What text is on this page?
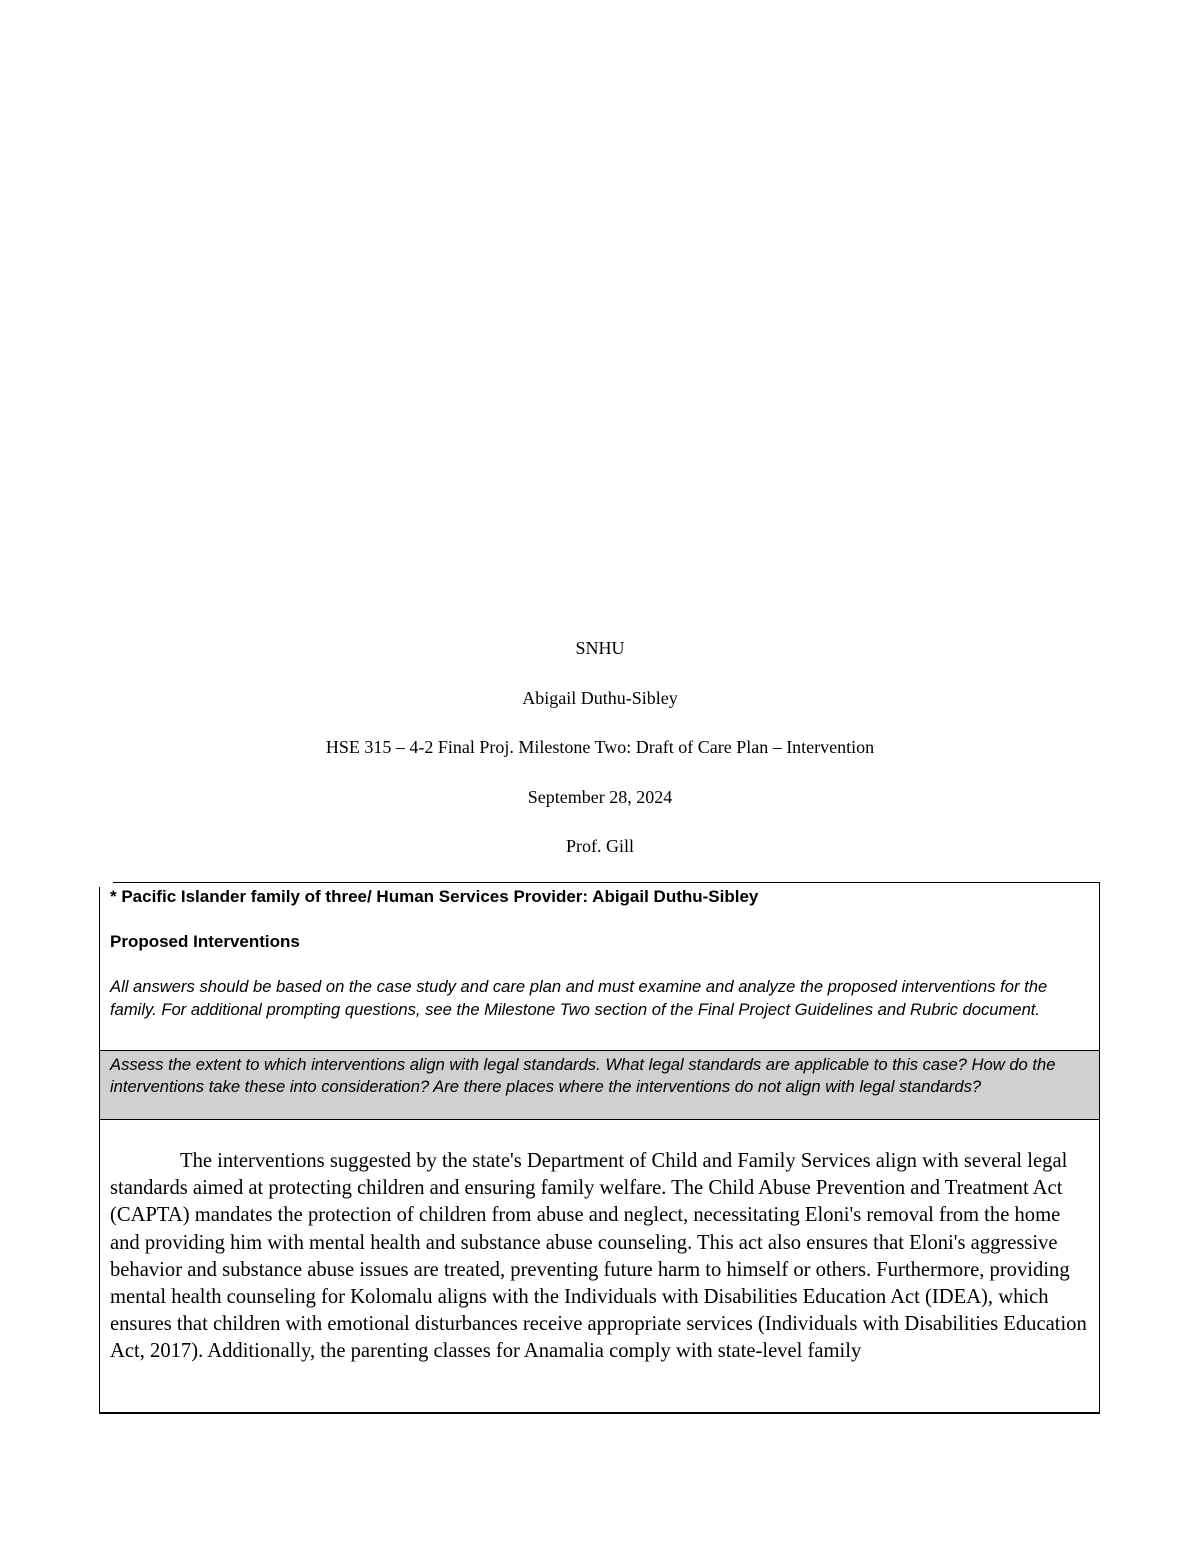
SNHU
Abigail Duthu-Sibley
HSE 315 – 4-2 Final Proj. Milestone Two: Draft of Care Plan – Intervention
September 28, 2024
Prof. Gill
* Pacific Islander family of three/ Human Services Provider: Abigail Duthu-Sibley
Proposed Interventions
All answers should be based on the case study and care plan and must examine and analyze the proposed interventions for the family. For additional prompting questions, see the Milestone Two section of the Final Project Guidelines and Rubric document.
Assess the extent to which interventions align with legal standards. What legal standards are applicable to this case? How do the interventions take these into consideration? Are there places where the interventions do not align with legal standards?

The interventions suggested by the state's Department of Child and Family Services align with several legal standards aimed at protecting children and ensuring family welfare. The Child Abuse Prevention and Treatment Act (CAPTA) mandates the protection of children from abuse and neglect, necessitating Eloni's removal from the home and providing him with mental health and substance abuse counseling. This act also ensures that Eloni's aggressive behavior and substance abuse issues are treated, preventing future harm to himself or others. Furthermore, providing mental health counseling for Kolomalu aligns with the Individuals with Disabilities Education Act (IDEA), which ensures that children with emotional disturbances receive appropriate services (Individuals with Disabilities Education Act, 2017). Additionally, the parenting classes for Anamalia comply with state-level family
